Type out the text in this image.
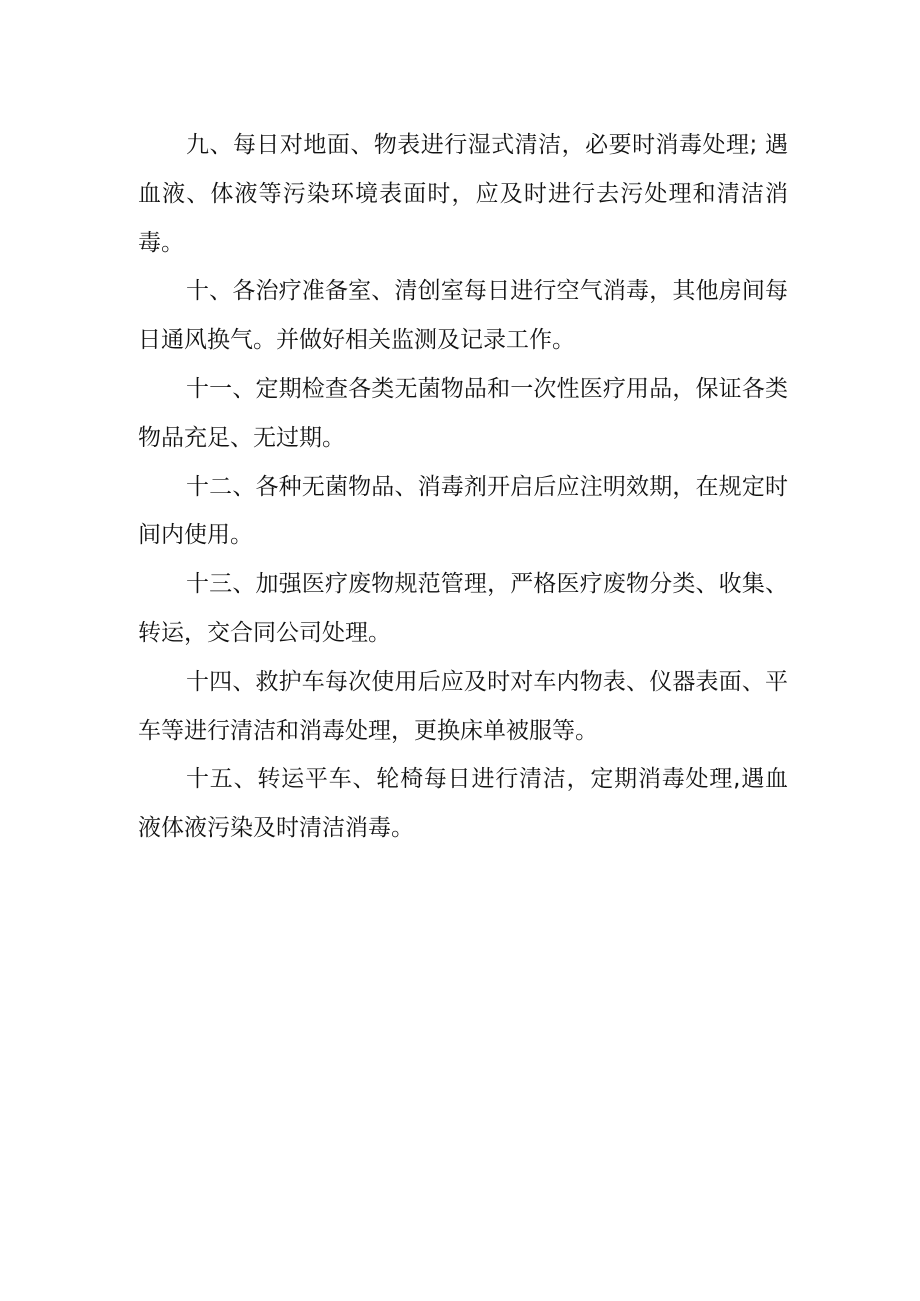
九、每日对地面、物表进行湿式清洁，必要时消毒处理; 遇血液、体液等污染环境表面时，应及时进行去污处理和清洁消毒。

十、各治疗准备室、清创室每日进行空气消毒，其他房间每日通风换气。并做好相关监测及记录工作。

十一、定期检查各类无菌物品和一次性医疗用品，保证各类物品充足、无过期。

十二、各种无菌物品、消毒剂开启后应注明效期，在规定时间内使用。

十三、加强医疗废物规范管理，严格医疗废物分类、收集、转运，交合同公司处理。

十四、救护车每次使用后应及时对车内物表、仪器表面、平车等进行清洁和消毒处理，更换床单被服等。

十五、转运平车、轮椅每日进行清洁，定期消毒处理,遇血液体液污染及时清洁消毒。
